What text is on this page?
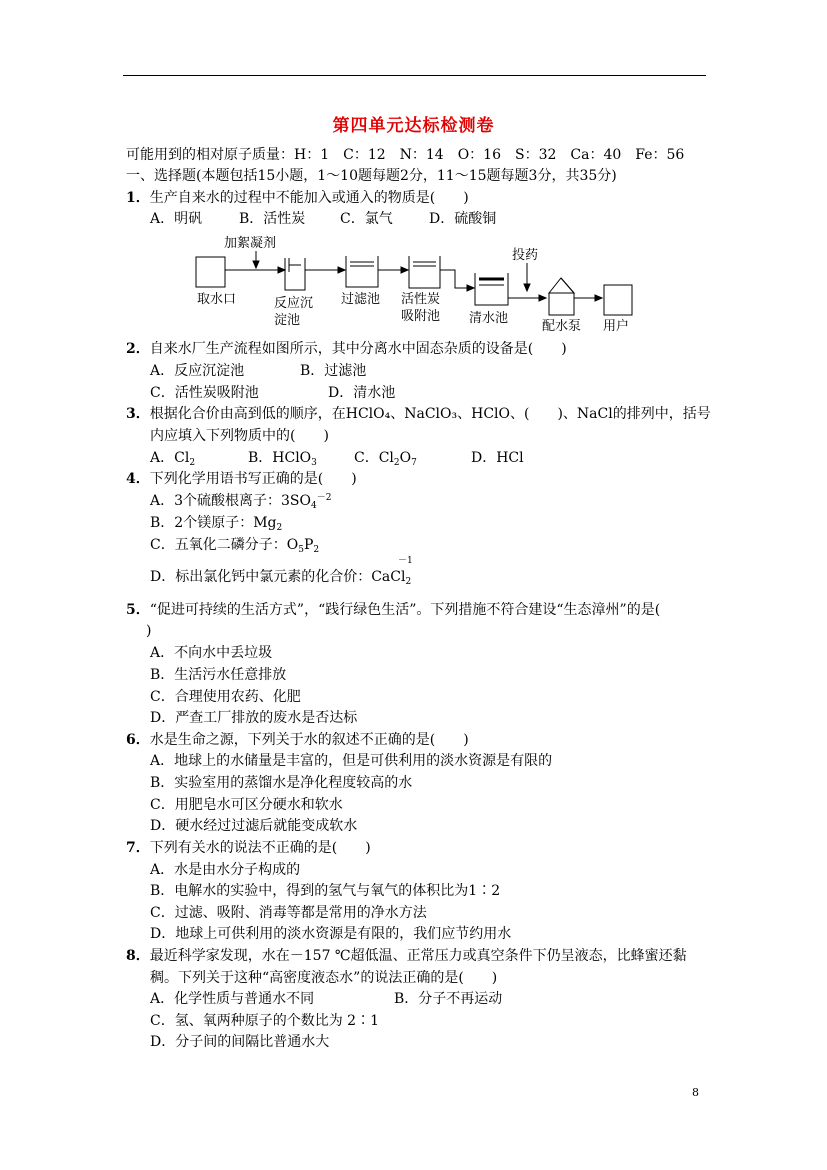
第四单元达标检测卷
可能用到的相对原子质量：H：1　C：12　N：14　O：16　S：32　Ca：40　Fe：56
一、选择题(本题包括15小题，1～10题每题2分，11～15题每题3分，共35分)
1．生产自来水的过程中不能加入或通入的物质是(　　)
A．明矾	B．活性炭 C．氯气	D．硫酸铜
加絮凝剂
投药
取水口	反应沉
淀池
过滤池 活性炭
吸附池 清水池
配水泵 用户
2．自来水厂生产流程如图所示，其中分离水中固态杂质的设备是(　　)
A．反应沉淀池	B．过滤池
C．活性炭吸附池	D．清水池
3．根据化合价由高到低的顺序，在HClO₄、NaClO₃、HClO、(　　)、NaCl的排列中，括号
内应填入下列物质中的(　　)
A．$Cl_2$	B．HClO$_3$	C．$Cl_2O_7$	D．HCl
4．下列化学用语书写正确的是(　　)
A．3个硫酸根离子：$3SO_4^{-2}$
B．2个镁原子：$Mg_2$
C．五氧化二磷分子：$O_5P_2$
D．标出氯化钙中氯元素的化合价：CaCl$_2$
－1
5．“促进可持续的生活方式”，“践行绿色生活”。下列措施不符合建设“生态漳州”的是(
)
A．不向水中丢垃圾
B．生活污水任意排放
C．合理使用农药、化肥
D．严查工厂排放的废水是否达标
6．水是生命之源，下列关于水的叙述不正确的是(　　)
A．地球上的水储量是丰富的，但是可供利用的淡水资源是有限的
B．实验室用的蒸馏水是净化程度较高的水
C．用肥皂水可区分硬水和软水
D．硬水经过过滤后就能变成软水
7．下列有关水的说法不正确的是(　　)
A．水是由水分子构成的
B．电解水的实验中，得到的氢气与氧气的体积比为1∶2
C．过滤、吸附、消毒等都是常用的净水方法
D．地球上可供利用的淡水资源是有限的，我们应节约用水
8．最近科学家发现，水在－157 ℃超低温、正常压力或真空条件下仍呈液态，比蜂蜜还黏
稠。下列关于这种“高密度液态水”的说法正确的是(　　)
A．化学性质与普通水不同	B．分子不再运动
C．氢、氧两种原子的个数比为 2∶1
D．分子间的间隔比普通水大
8
